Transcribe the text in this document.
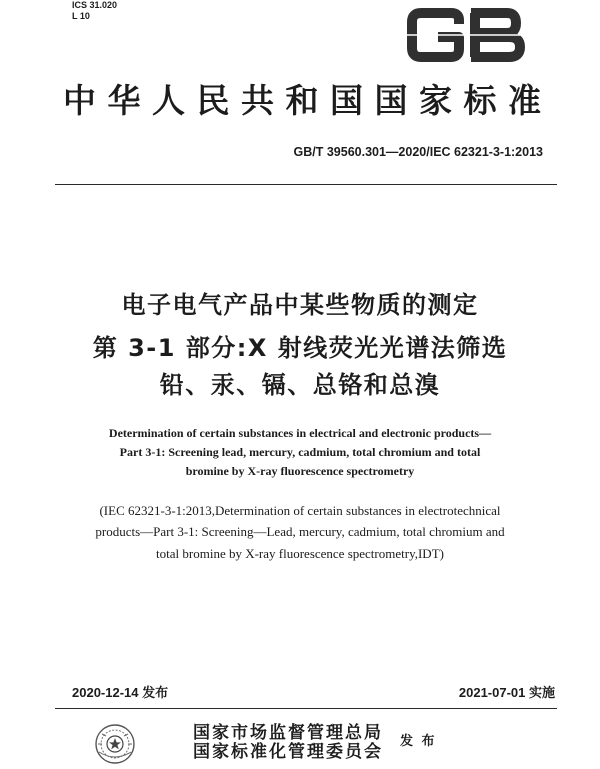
ICS 31.020
L 10
中华人民共和国国家标准
GB/T 39560.301—2020/IEC 62321-3-1:2013
电子电气产品中某些物质的测定
第 3-1 部分:X 射线荧光光谱法筛选
铅、汞、镉、总铬和总溴
Determination of certain substances in electrical and electronic products—
Part 3-1: Screening lead, mercury, cadmium, total chromium and total
bromine by X-ray fluorescence spectrometry
(IEC 62321-3-1:2013,Determination of certain substances in electrotechnical
products—Part 3-1: Screening—Lead, mercury, cadmium, total chromium and
total bromine by X-ray fluorescence spectrometry,IDT)
2020-12-14 发布	2021-07-01 实施
国家市场监督管理总局
国家标准化管理委员会
发 布
